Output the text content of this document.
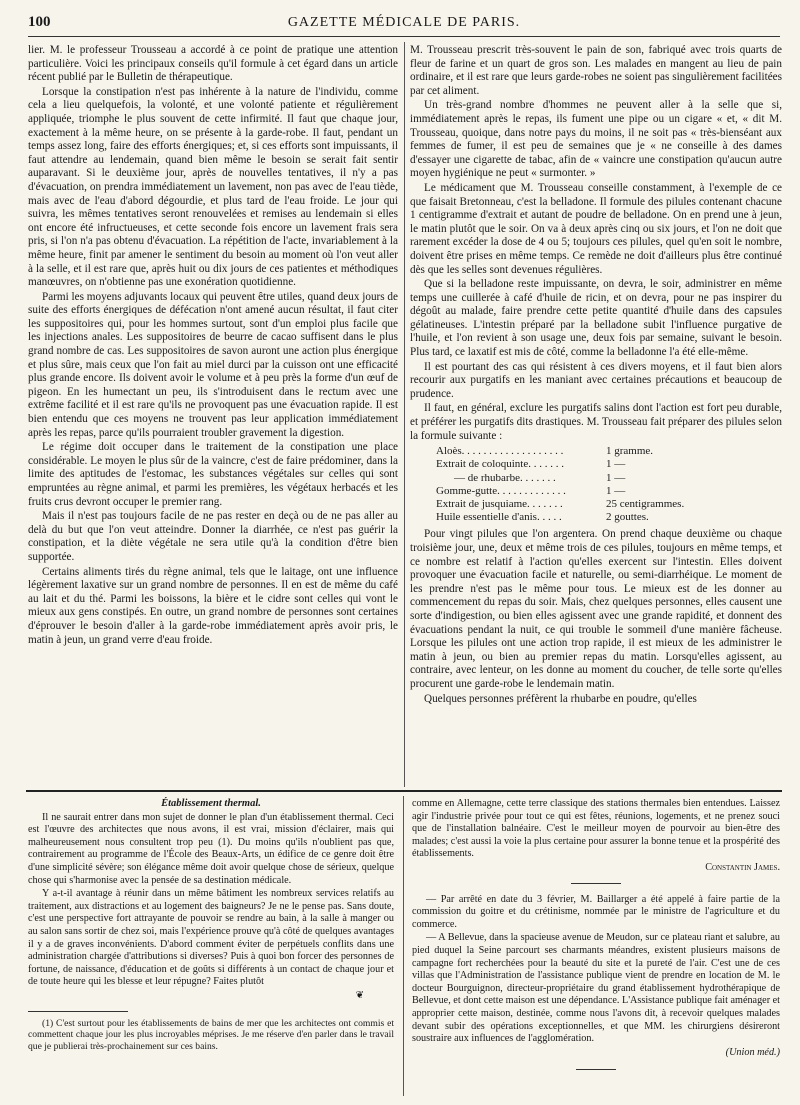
100	GAZETTE MÉDICALE DE PARIS.

lier. M. le professeur Trousseau a accordé à ce point de pratique une attention particulière. Voici les principaux conseils qu'il formule à cet égard dans un article récent publié par le Bulletin de thérapeutique.

Lorsque la constipation n'est pas inhérente à la nature de l'individu, comme cela a lieu quelquefois, la volonté, et une volonté patiente et régulièrement appliquée, triomphe le plus souvent de cette infirmité. Il faut que chaque jour, exactement à la même heure, on se présente à la garde-robe. Il faut, pendant un temps assez long, faire des efforts énergiques; et, si ces efforts sont impuissants, il faut attendre au lendemain, quand bien même le besoin se serait fait sentir auparavant. Si le deuxième jour, après de nouvelles tentatives, il n'y a pas d'évacuation, on prendra immédiatement un lavement, non pas avec de l'eau tiède, mais avec de l'eau d'abord dégourdie, et plus tard de l'eau froide. Le jour qui suivra, les mêmes tentatives seront renouvelées et remises au lendemain si elles ont encore été infructueuses, et cette seconde fois encore un lavement frais sera pris, si l'on n'a pas obtenu d'évacuation. La répétition de l'acte, invariablement à la même heure, finit par amener le sentiment du besoin au moment où l'on veut aller à la selle, et il est rare que, après huit ou dix jours de ces patientes et méthodiques manœuvres, on n'obtienne pas une exonération quotidienne.

Parmi les moyens adjuvants locaux qui peuvent être utiles, quand deux jours de suite des efforts énergiques de défécation n'ont amené aucun résultat, il faut citer les suppositoires qui, pour les hommes surtout, sont d'un emploi plus facile que les injections anales. Les suppositoires de beurre de cacao suffisent dans le plus grand nombre de cas. Les suppositoires de savon auront une action plus énergique et plus sûre, mais ceux que l'on fait au miel durci par la cuisson ont une efficacité plus grande encore. Ils doivent avoir le volume et à peu près la forme d'un œuf de pigeon. En les humectant un peu, ils s'introduisent dans le rectum avec une extrême facilité et il est rare qu'ils ne provoquent pas une évacuation rapide. Il est bien entendu que ces moyens ne trouvent pas leur application immédiatement après les repas, parce qu'ils pourraient troubler gravement la digestion.

Le régime doit occuper dans le traitement de la constipation une place considérable. Le moyen le plus sûr de la vaincre, c'est de faire prédominer, dans la limite des aptitudes de l'estomac, les substances végétales sur celles qui sont empruntées au règne animal, et parmi les premières, les végétaux herbacés et les fruits crus devront occuper le premier rang.

Mais il n'est pas toujours facile de ne pas rester en deçà ou de ne pas aller au delà du but que l'on veut atteindre. Donner la diarrhée, ce n'est pas guérir la constipation, et la diète végétale ne sera utile qu'à la condition d'être bien supportée.

Certains aliments tirés du règne animal, tels que le laitage, ont une influence légèrement laxative sur un grand nombre de personnes. Il en est de même du café au lait et du thé. Parmi les boissons, la bière et le cidre sont celles qui vont le mieux aux gens constipés. En outre, un grand nombre de personnes sont certaines d'éprouver le besoin d'aller à la garde-robe immédiatement après avoir pris, le matin à jeun, un grand verre d'eau froide.

M. Trousseau prescrit très-souvent le pain de son, fabriqué avec trois quarts de fleur de farine et un quart de gros son. Les malades en mangent au lieu de pain ordinaire, et il est rare que leurs garde-robes ne soient pas singulièrement facilitées par cet aliment.

Un très-grand nombre d'hommes ne peuvent aller à la selle que si, immédiatement après le repas, ils fument une pipe ou un cigare « et, « dit M. Trousseau, quoique, dans notre pays du moins, il ne soit pas « très-bienséant aux femmes de fumer, il est peu de semaines que je « ne conseille à des dames d'essayer une cigarette de tabac, afin de « vaincre une constipation qu'aucun autre moyen hygiénique ne peut « surmonter. »

Le médicament que M. Trousseau conseille constamment, à l'exemple de ce que faisait Bretonneau, c'est la belladone. Il formule des pilules contenant chacune 1 centigramme d'extrait et autant de poudre de belladone. On en prend une à jeun, le matin plutôt que le soir. On va à deux après cinq ou six jours, et l'on ne doit que rarement excéder la dose de 4 ou 5; toujours ces pilules, quel qu'en soit le nombre, doivent être prises en même temps. Ce remède ne doit d'ailleurs plus être continué dès que les selles sont devenues régulières.

Que si la belladone reste impuissante, on devra, le soir, administrer en même temps une cuillerée à café d'huile de ricin, et on devra, pour ne pas inspirer du dégoût au malade, faire prendre cette petite quantité d'huile dans des capsules gélatineuses. L'intestin préparé par la belladone subit l'influence purgative de l'huile, et l'on revient à son usage une, deux fois par semaine, suivant le besoin. Plus tard, ce laxatif est mis de côté, comme la belladonne l'a été elle-même.

Il est pourtant des cas qui résistent à ces divers moyens, et il faut bien alors recourir aux purgatifs en les maniant avec certaines précautions et beaucoup de prudence.

Il faut, en général, exclure les purgatifs salins dont l'action est fort peu durable, et préférer les purgatifs dits drastiques. M. Trousseau fait préparer des pilules selon la formule suivante :

Aloès. . . . . . . . . . . . . . . . . . .	1 gramme.
Extrait de coloquinte. . . . . . .	1 —
— de rhubarbe. . . . . . .	1 —
Gomme-gutte. . . . . . . . . . . . .	1 —
Extrait de jusquiame. . . . . . .	25 centigrammes.
Huile essentielle d'anis. . . . .	2 gouttes.

Pour vingt pilules que l'on argentera. On prend chaque deuxième ou chaque troisième jour, une, deux et même trois de ces pilules, toujours en même temps, et ce nombre est relatif à l'action qu'elles exercent sur l'intestin. Elles doivent provoquer une évacuation facile et naturelle, ou semi-diarrhéique. Le moment de les prendre n'est pas le même pour tous. Le mieux est de les donner au commencement du repas du soir. Mais, chez quelques personnes, elles causent une sorte d'indigestion, ou bien elles agissent avec une grande rapidité, et donnent des évacuations pendant la nuit, ce qui trouble le sommeil d'une manière fâcheuse. Lorsque les pilules ont une action trop rapide, il est mieux de les administrer le matin à jeun, ou bien au premier repas du matin. Lorsqu'elles agissent, au contraire, avec lenteur, on les donne au moment du coucher, de telle sorte qu'elles procurent une garde-robe le lendemain matin.

Quelques personnes préfèrent la rhubarbe en poudre, qu'elles

Établissement thermal.

Il ne saurait entrer dans mon sujet de donner le plan d'un établissement thermal. Ceci est l'œuvre des architectes que nous avons, il est vrai, mission d'éclairer, mais qui malheureusement nous consultent trop peu (1). Du moins qu'ils n'oublient pas que, contrairement au programme de l'École des Beaux-Arts, un édifice de ce genre doit être d'une simplicité sévère; son élégance même doit avoir quelque chose de sérieux, quelque chose qui s'harmonise avec la pensée de sa destination médicale.

Y a-t-il avantage à réunir dans un même bâtiment les nombreux services relatifs au traitement, aux distractions et au logement des baigneurs? Je ne le pense pas. Sans doute, c'est une perspective fort attrayante de pouvoir se rendre au bain, à la salle à manger ou au salon sans sortir de chez soi, mais l'expérience prouve qu'à côté de quelques avantages il y a de graves inconvénients. D'abord comment éviter de perpétuels conflits dans une administration chargée d'attributions si diverses? Puis à quoi bon forcer des personnes de fortune, de naissance, d'éducation et de goûts si différents à un contact de chaque jour et de toute heure qui les blesse et leur répugne? Faites plutôt

❦

(1) C'est surtout pour les établissements de bains de mer que les architectes ont commis et commettent chaque jour les plus incroyables méprises. Je me réserve d'en parler dans le travail que je publierai très-prochainement sur ces bains.

comme en Allemagne, cette terre classique des stations thermales bien entendues. Laissez agir l'industrie privée pour tout ce qui est fêtes, réunions, logements, et ne prenez souci que de l'installation balnéaire. C'est le meilleur moyen de pourvoir au bien-être des malades; c'est aussi la voie la plus certaine pour assurer la bonne tenue et la prospérité des établissements.

Constantin James.

— Par arrêté en date du 3 février, M. Baillarger a été appelé à faire partie de la commission du goitre et du crétinisme, nommée par le ministre de l'agriculture et du commerce.

— A Bellevue, dans la spacieuse avenue de Meudon, sur ce plateau riant et salubre, au pied duquel la Seine parcourt ses charmants méandres, existent plusieurs maisons de campagne fort recherchées pour la beauté du site et la pureté de l'air. C'est une de ces villas que l'Administration de l'assistance publique vient de prendre en location de M. le docteur Bourguignon, directeur-propriétaire du grand établissement hydrothérapique de Bellevue, et dont cette maison est une dépendance. L'Assistance publique fait aménager et approprier cette maison, destinée, comme nous l'avons dit, à recevoir quelques malades devant subir des opérations exceptionnelles, et que MM. les chirurgiens désireront soustraire aux influences de l'agglomération.

(Union méd.)
